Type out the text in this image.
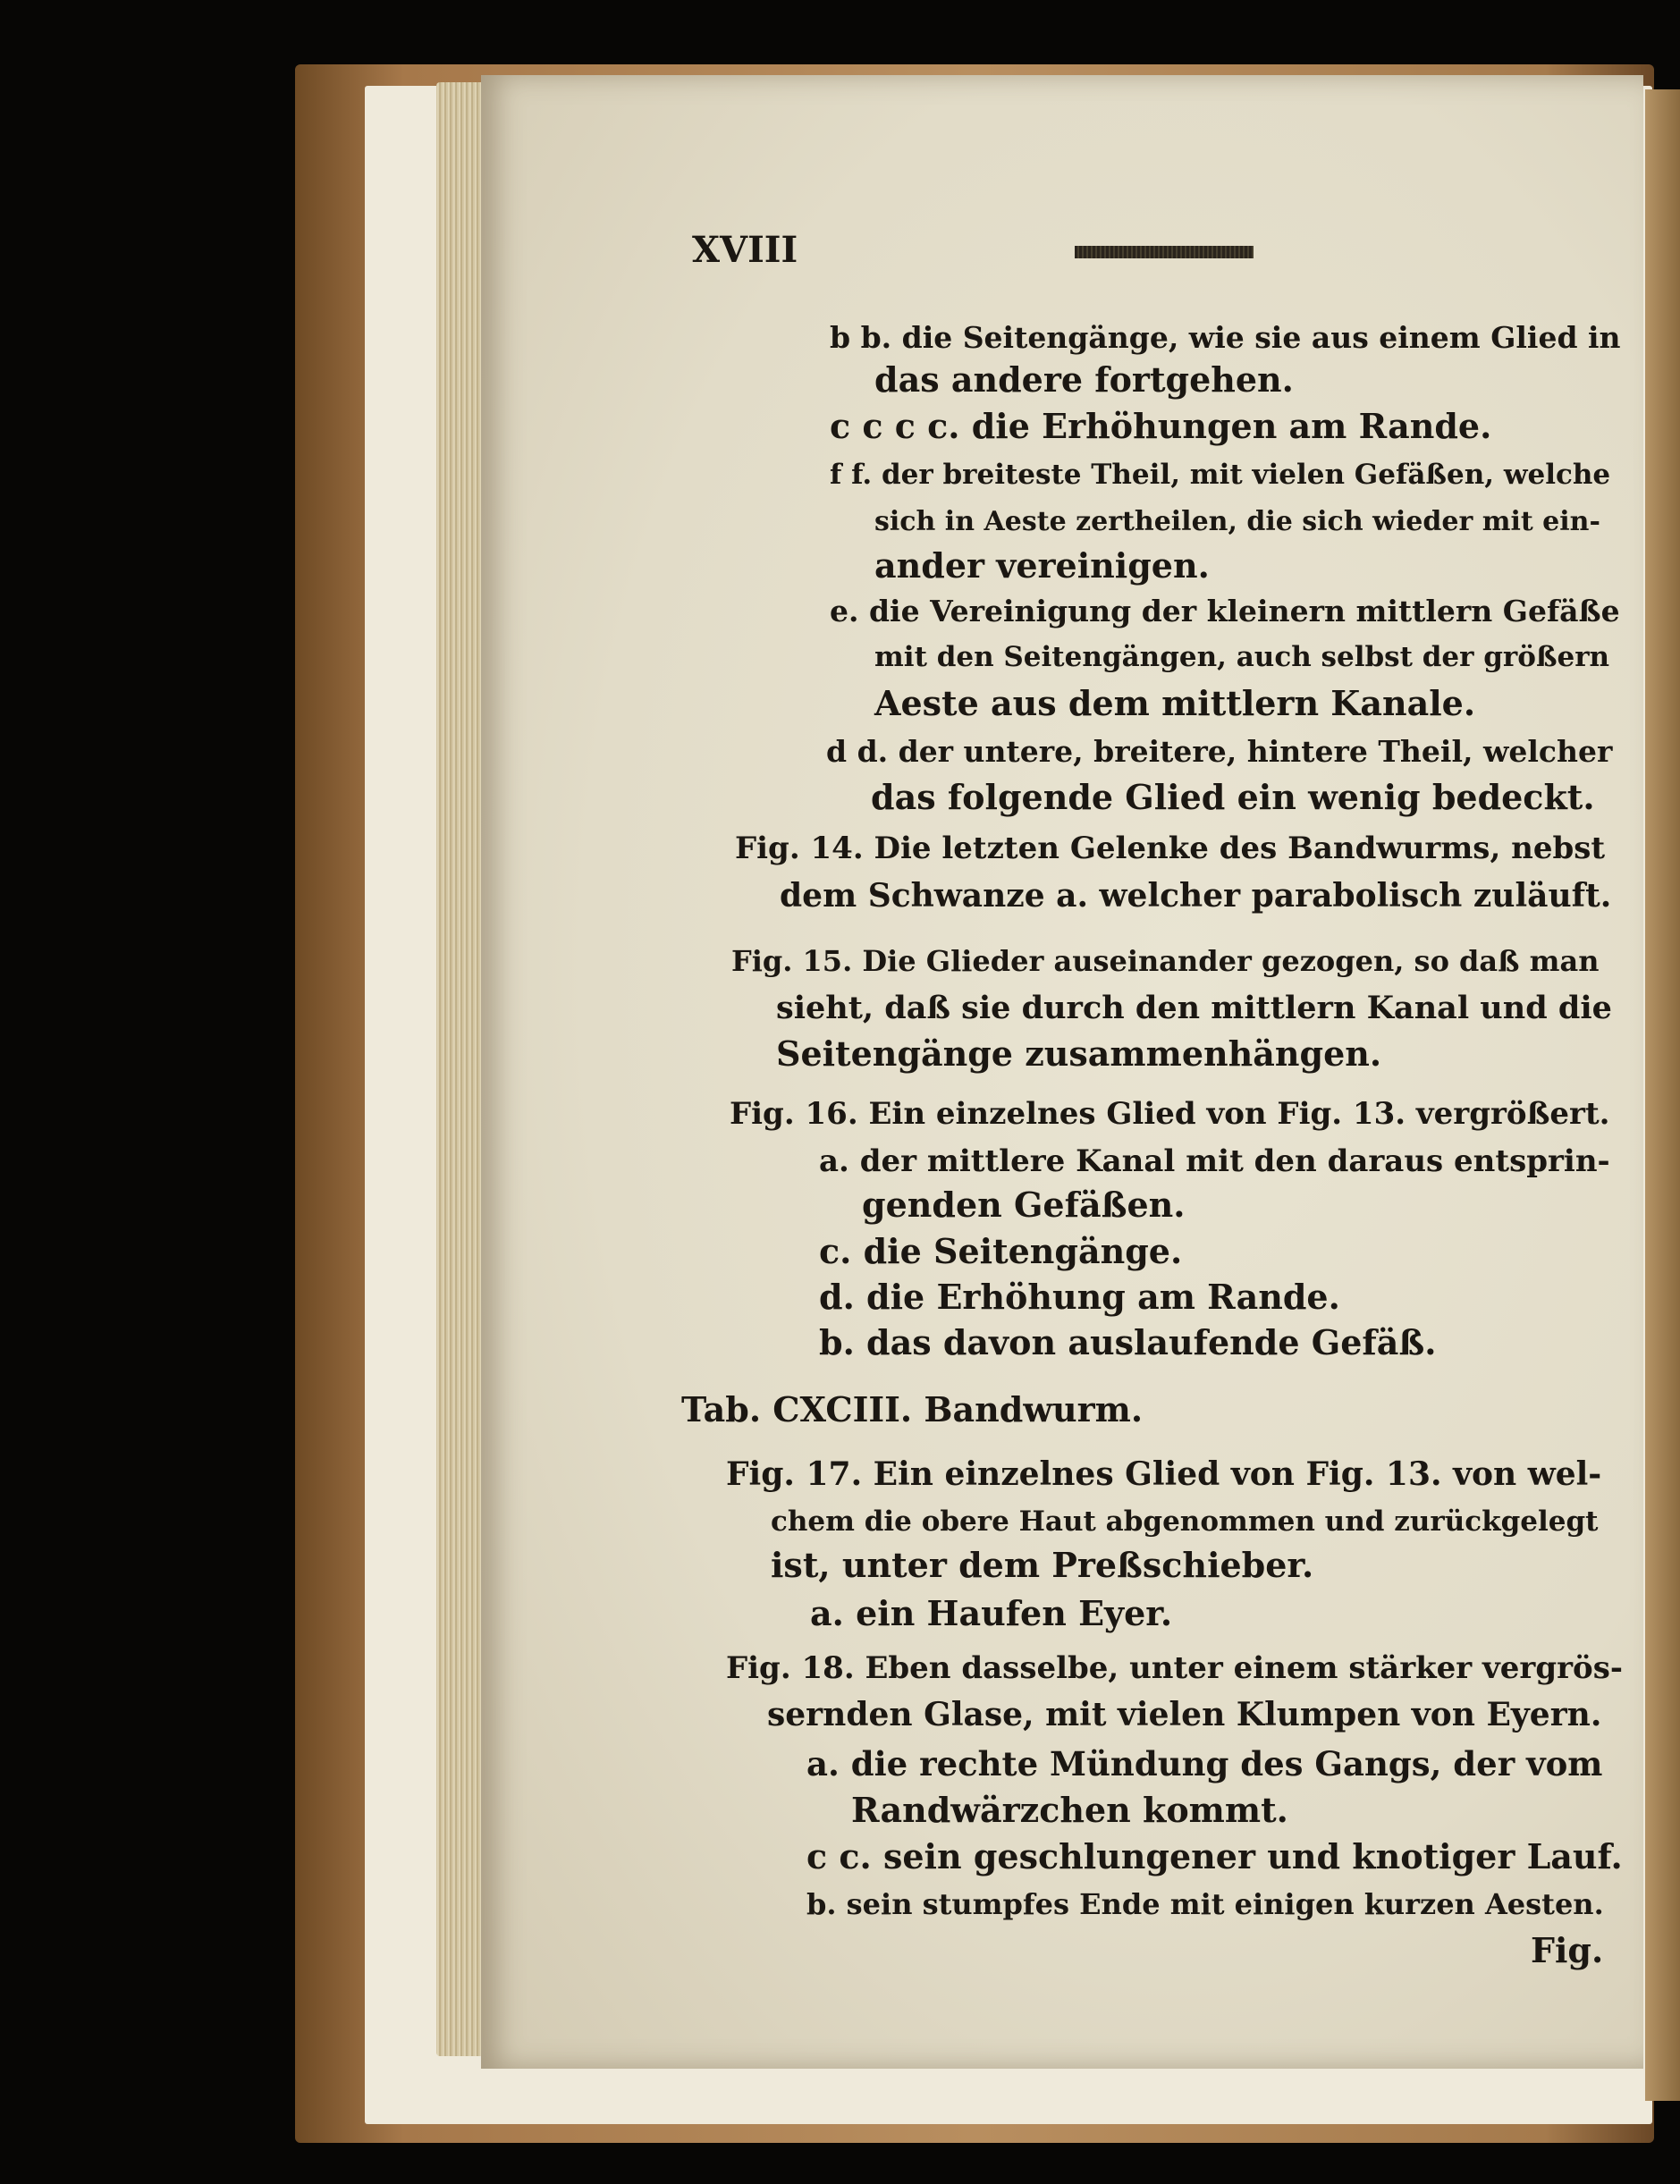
XVIII

b b. die Seitengänge, wie sie aus einem Glied in

das andere fortgehen.

c c c c. die Erhöhungen am Rande.

f f. der breiteste Theil, mit vielen Gefäßen, welche

sich in Aeste zertheilen, die sich wieder mit ein-

ander vereinigen.

e. die Vereinigung der kleinern mittlern Gefäße

mit den Seitengängen, auch selbst der größern

Aeste aus dem mittlern Kanale.

d d. der untere, breitere, hintere Theil, welcher

das folgende Glied ein wenig bedeckt.

Fig. 14. Die letzten Gelenke des Bandwurms, nebst

dem Schwanze a. welcher parabolisch zuläuft.

Fig. 15. Die Glieder auseinander gezogen, so daß man

sieht, daß sie durch den mittlern Kanal und die

Seitengänge zusammenhängen.

Fig. 16. Ein einzelnes Glied von Fig. 13. vergrößert.

a. der mittlere Kanal mit den daraus entsprin-

genden Gefäßen.

c. die Seitengänge.

d. die Erhöhung am Rande.

b. das davon auslaufende Gefäß.

Tab. CXCIII. Bandwurm.

Fig. 17. Ein einzelnes Glied von Fig. 13. von wel-

chem die obere Haut abgenommen und zurückgelegt

ist, unter dem Preßschieber.

a. ein Haufen Eyer.

Fig. 18. Eben dasselbe, unter einem stärker vergrös-

sernden Glase, mit vielen Klumpen von Eyern.

a. die rechte Mündung des Gangs, der vom

Randwärzchen kommt.

c c. sein geschlungener und knotiger Lauf.

b. sein stumpfes Ende mit einigen kurzen Aesten.

Fig.
